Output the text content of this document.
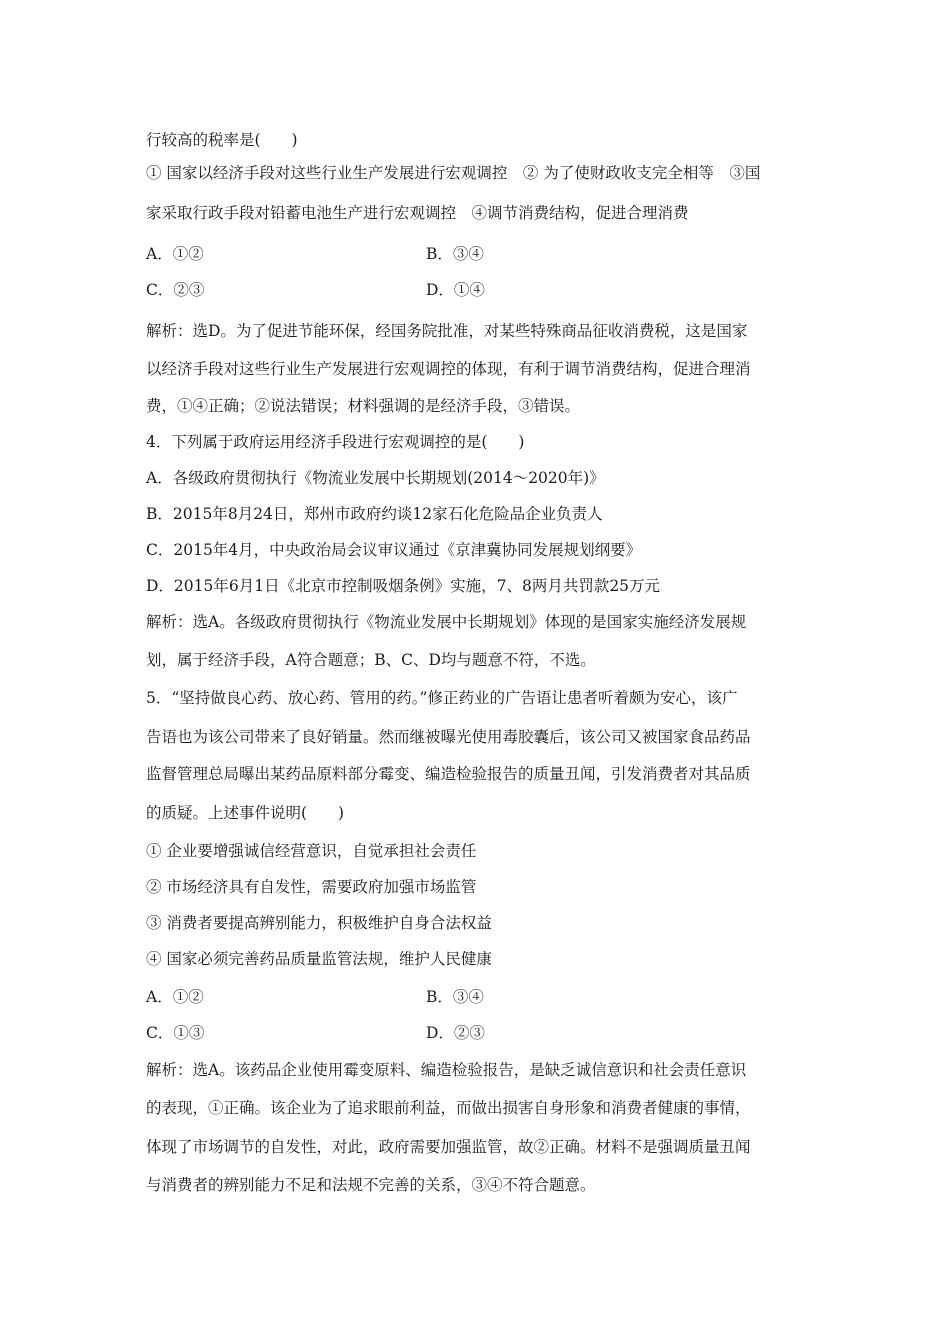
行较高的税率是(　　)
① 国家以经济手段对这些行业生产发展进行宏观调控　② 为了使财政收支完全相等　③国
家采取行政手段对铅蓄电池生产进行宏观调控　④调节消费结构，促进合理消费
A．①②	B．③④
C．②③	D．①④
解析：选D。为了促进节能环保，经国务院批准，对某些特殊商品征收消费税，这是国家
以经济手段对这些行业生产发展进行宏观调控的体现，有利于调节消费结构，促进合理消
费，①④正确；②说法错误；材料强调的是经济手段，③错误。
4．下列属于政府运用经济手段进行宏观调控的是(　　)
A．各级政府贯彻执行《物流业发展中长期规划(2014～2020年)》
B．2015年8月24日，郑州市政府约谈12家石化危险品企业负责人
C．2015年4月，中央政治局会议审议通过《京津冀协同发展规划纲要》
D．2015年6月1日《北京市控制吸烟条例》实施，7、8两月共罚款25万元
解析：选A。各级政府贯彻执行《物流业发展中长期规划》体现的是国家实施经济发展规
划，属于经济手段，A符合题意；B、C、D均与题意不符，不选。
5．“坚持做良心药、放心药、管用的药。”修正药业的广告语让患者听着颇为安心，该广
告语也为该公司带来了良好销量。然而继被曝光使用毒胶囊后，该公司又被国家食品药品
监督管理总局曝出某药品原料部分霉变、编造检验报告的质量丑闻，引发消费者对其品质
的质疑。上述事件说明(　　)
① 企业要增强诚信经营意识，自觉承担社会责任
② 市场经济具有自发性，需要政府加强市场监管
③ 消费者要提高辨别能力，积极维护自身合法权益
④ 国家必须完善药品质量监管法规，维护人民健康
A．①②	B．③④
C．①③	D．②③
解析：选A。该药品企业使用霉变原料、编造检验报告，是缺乏诚信意识和社会责任意识
的表现，①正确。该企业为了追求眼前利益，而做出损害自身形象和消费者健康的事情，
体现了市场调节的自发性，对此，政府需要加强监管，故②正确。材料不是强调质量丑闻
与消费者的辨别能力不足和法规不完善的关系，③④不符合题意。
